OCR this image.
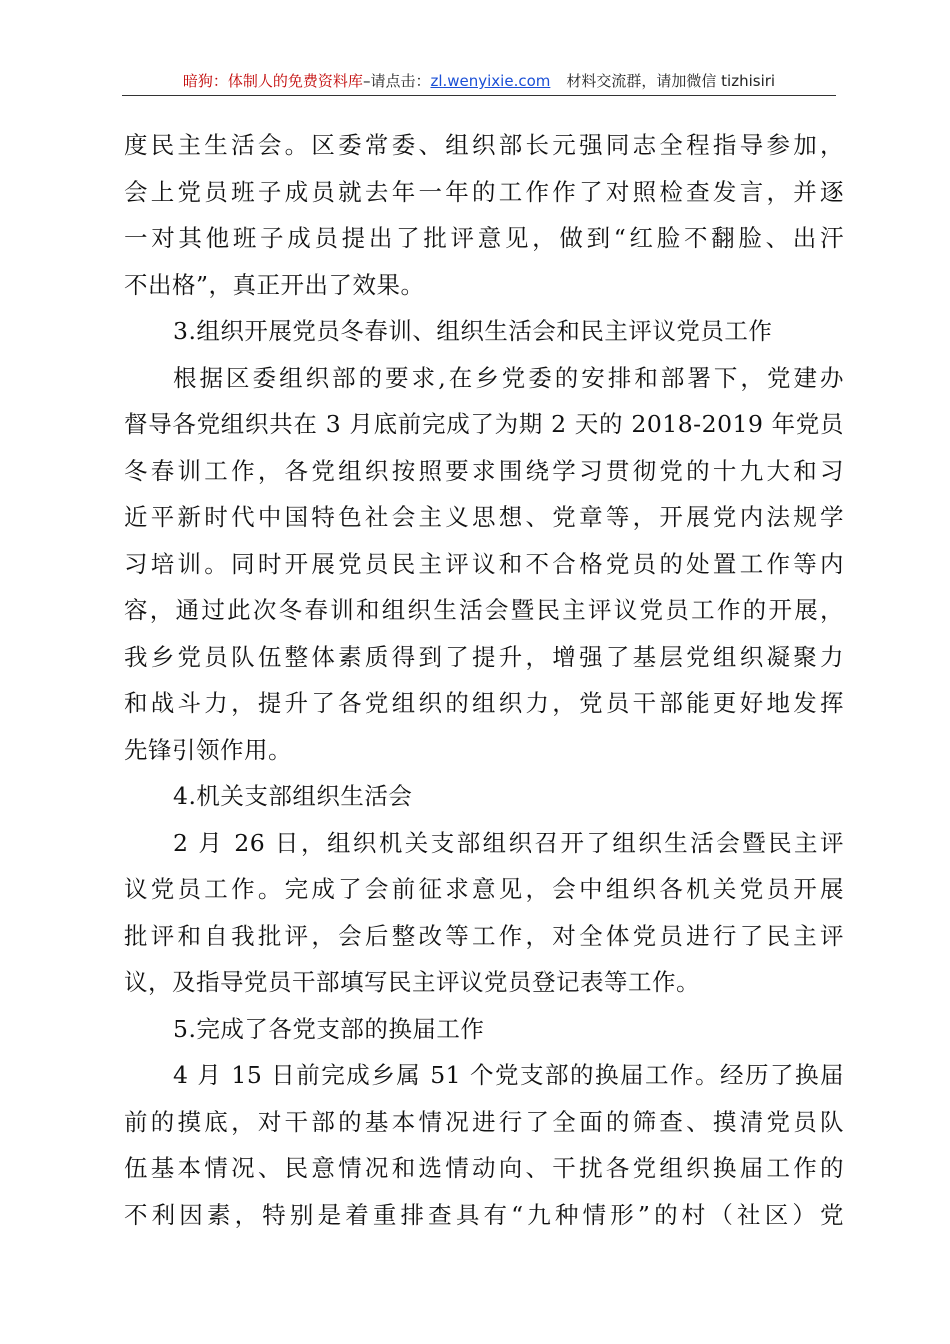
暗狗：体制人的免费资料库–请点击：zl.wenyixie.com 材料交流群，请加微信 tizhisiri
度民主生活会。区委常委、组织部长元强同志全程指导参加，
会上党员班子成员就去年一年的工作作了对照检查发言，并逐
一对其他班子成员提出了批评意见，做到“红脸不翻脸、出汗
不出格”，真正开出了效果。
3.组织开展党员冬春训、组织生活会和民主评议党员工作
根据区委组织部的要求,在乡党委的安排和部署下，党建办
督导各党组织共在 3 月底前完成了为期 2 天的 2018-2019 年党员
冬春训工作，各党组织按照要求围绕学习贯彻党的十九大和习
近平新时代中国特色社会主义思想、党章等，开展党内法规学
习培训。同时开展党员民主评议和不合格党员的处置工作等内
容，通过此次冬春训和组织生活会暨民主评议党员工作的开展，
我乡党员队伍整体素质得到了提升，增强了基层党组织凝聚力
和战斗力，提升了各党组织的组织力，党员干部能更好地发挥
先锋引领作用。
4.机关支部组织生活会
2 月 26 日，组织机关支部组织召开了组织生活会暨民主评
议党员工作。完成了会前征求意见，会中组织各机关党员开展
批评和自我批评，会后整改等工作，对全体党员进行了民主评
议，及指导党员干部填写民主评议党员登记表等工作。
5.完成了各党支部的换届工作
4 月 15 日前完成乡属 51 个党支部的换届工作。经历了换届
前的摸底，对干部的基本情况进行了全面的筛查、摸清党员队
伍基本情况、民意情况和选情动向、干扰各党组织换届工作的
不利因素，特别是着重排查具有“九种情形”的村（社区）党
